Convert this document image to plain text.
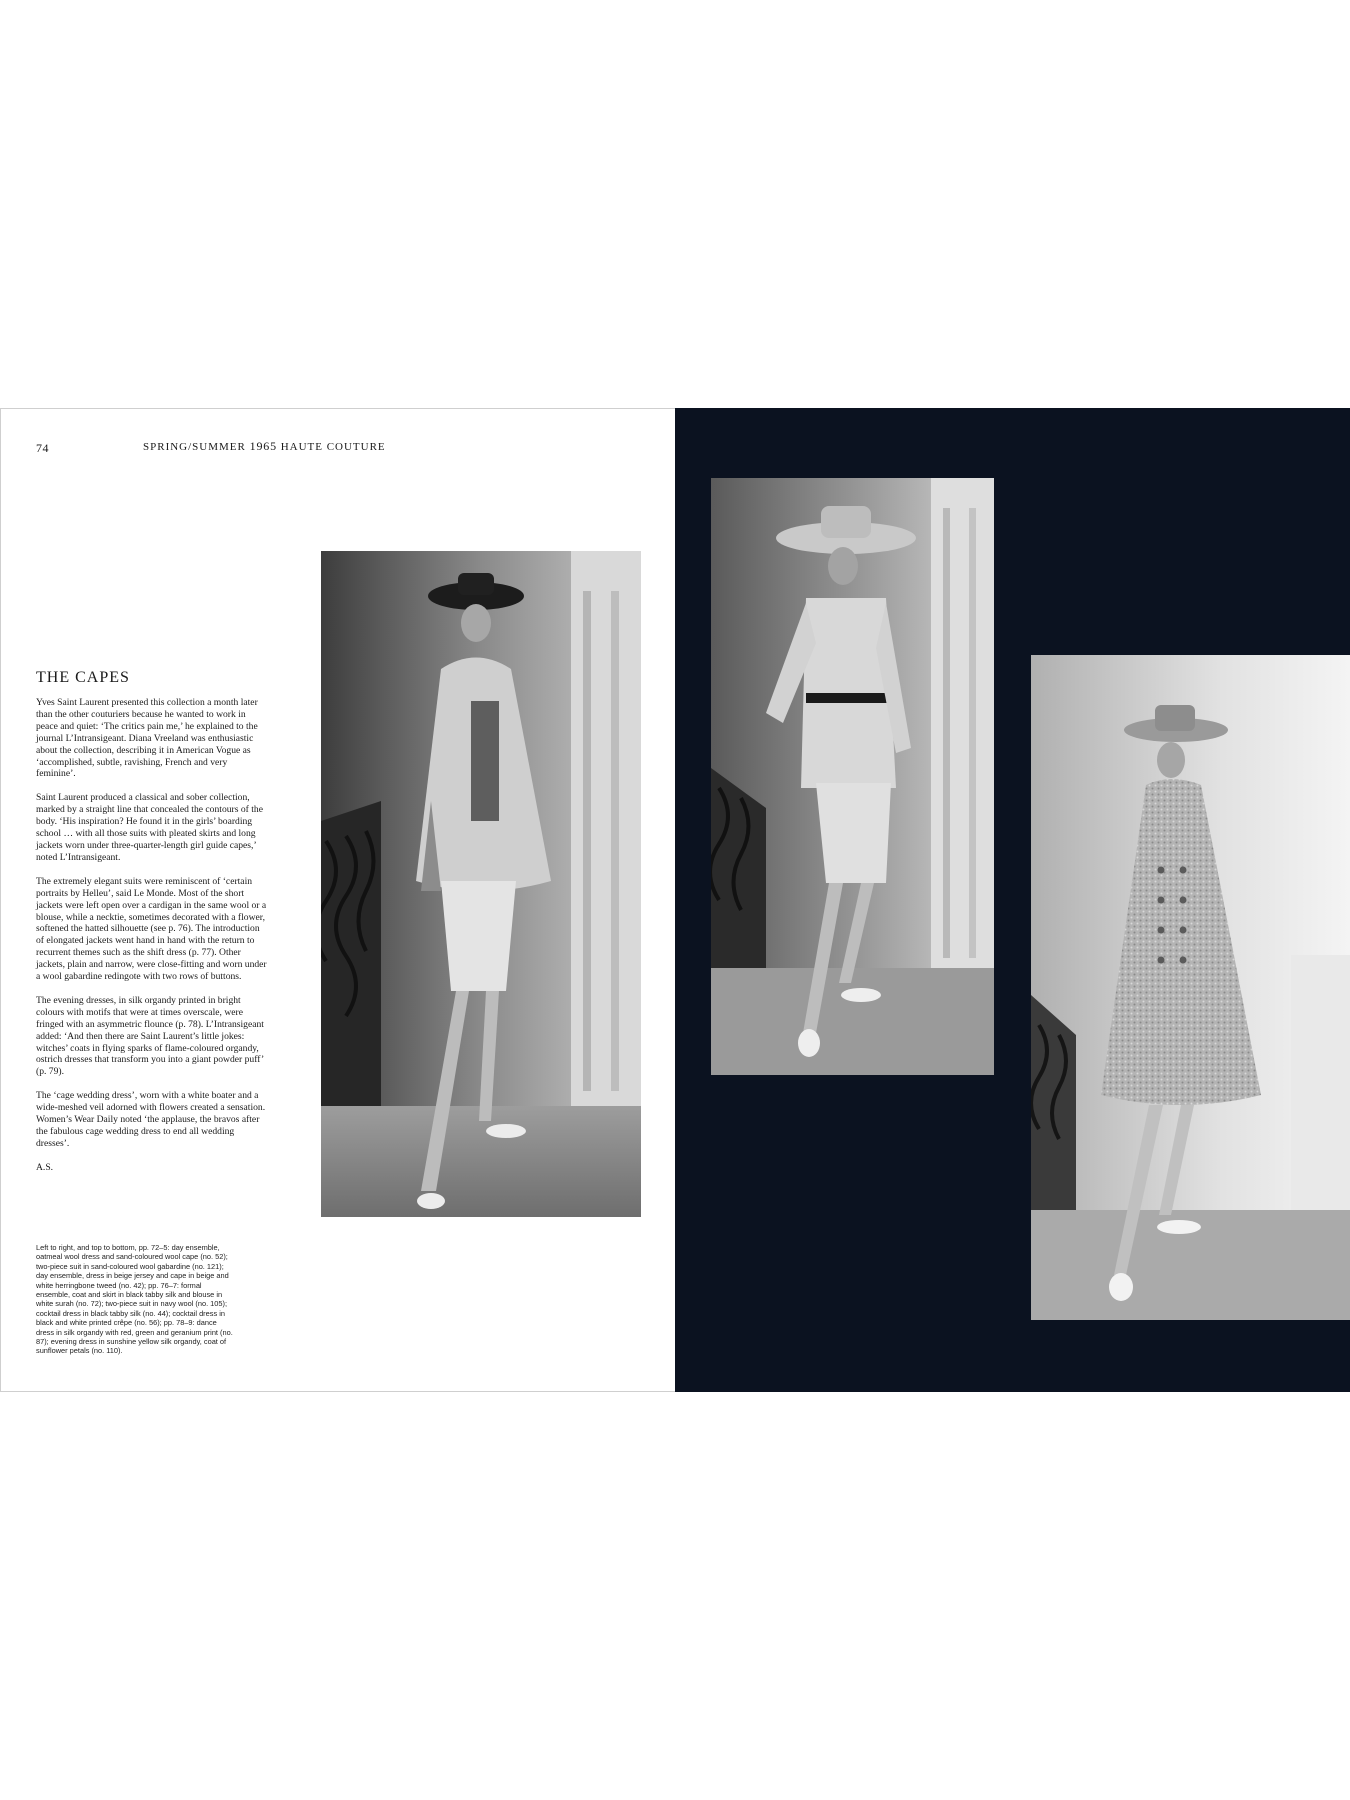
74	SPRING/SUMMER 1965 HAUTE COUTURE
THE CAPES

Yves Saint Laurent presented this collection a month later than the other couturiers because he wanted to work in peace and quiet: ‘The critics pain me,’ he explained to the journal L’Intransigeant. Diana Vreeland was enthusiastic about the collection, describing it in American Vogue as ‘accomplished, subtle, ravishing, French and very feminine’.

Saint Laurent produced a classical and sober collection, marked by a straight line that concealed the contours of the body. ‘His inspiration? He found it in the girls’ boarding school … with all those suits with pleated skirts and long jackets worn under three-quarter-length girl guide capes,’ noted L’Intransigeant.

The extremely elegant suits were reminiscent of ‘certain portraits by Helleu’, said Le Monde. Most of the short jackets were left open over a cardigan in the same wool or a blouse, while a necktie, sometimes decorated with a flower, softened the hatted silhouette (see p. 76). The introduction of elongated jackets went hand in hand with the return to recurrent themes such as the shift dress (p. 77). Other jackets, plain and narrow, were close-fitting and worn under a wool gabardine redingote with two rows of buttons.

The evening dresses, in silk organdy printed in bright colours with motifs that were at times overscale, were fringed with an asymmetric flounce (p. 78). L’Intransigeant added: ‘And then there are Saint Laurent’s little jokes: witches’ coats in flying sparks of flame-coloured organdy, ostrich dresses that transform you into a giant powder puff’ (p. 79).

The ‘cage wedding dress’, worn with a white boater and a wide-meshed veil adorned with flowers created a sensation. Women’s Wear Daily noted ‘the applause, the bravos after the fabulous cage wedding dress to end all wedding dresses’.

A.S.

Left to right, and top to bottom, pp. 72–5: day ensemble, oatmeal wool dress and sand-coloured wool cape (no. 52); two-piece suit in sand-coloured wool gabardine (no. 121); day ensemble, dress in beige jersey and cape in beige and white herringbone tweed (no. 42); pp. 76–7: formal ensemble, coat and skirt in black tabby silk and blouse in white surah (no. 72); two-piece suit in navy wool (no. 105); cocktail dress in black tabby silk (no. 44); cocktail dress in black and white printed crêpe (no. 56); pp. 78–9: dance dress in silk organdy with red, green and geranium print (no. 87); evening dress in sunshine yellow silk organdy, coat of sunflower petals (no. 110).
